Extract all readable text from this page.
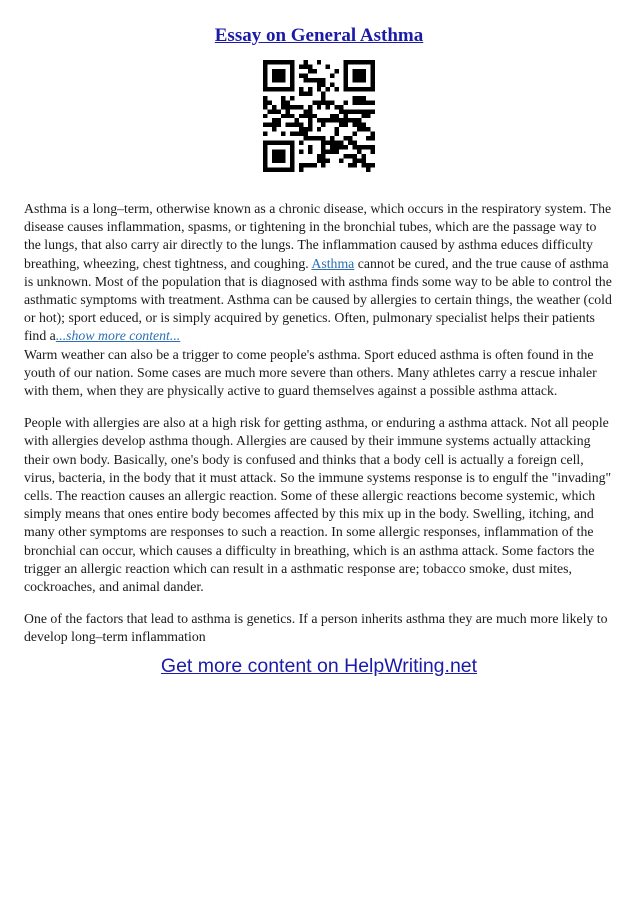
Essay on General Asthma

Asthma is a long–term, otherwise known as a chronic disease, which occurs in the respiratory system. The disease causes inflammation, spasms, or tightening in the bronchial tubes, which are the passage way to the lungs, that also carry air directly to the lungs. The inflammation caused by asthma educes difficulty breathing, wheezing, chest tightness, and coughing. Asthma cannot be cured, and the true cause of asthma is unknown. Most of the population that is diagnosed with asthma finds some way to be able to control the asthmatic symptoms with treatment. Asthma can be caused by allergies to certain things, the weather (cold or hot); sport educed, or is simply acquired by genetics. Often, pulmonary specialist helps their patients find a...show more content...

Warm weather can also be a trigger to come people's asthma. Sport educed asthma is often found in the youth of our nation. Some cases are much more severe than others. Many athletes carry a rescue inhaler with them, when they are physically active to guard themselves against a possible asthma attack.

People with allergies are also at a high risk for getting asthma, or enduring a asthma attack. Not all people with allergies develop asthma though. Allergies are caused by their immune systems actually attacking their own body. Basically, one's body is confused and thinks that a body cell is actually a foreign cell, virus, bacteria, in the body that it must attack. So the immune systems response is to engulf the "invading" cells. The reaction causes an allergic reaction. Some of these allergic reactions become systemic, which simply means that ones entire body becomes affected by this mix up in the body. Swelling, itching, and many other symptoms are responses to such a reaction. In some allergic responses, inflammation of the bronchial can occur, which causes a difficulty in breathing, which is an asthma attack. Some factors the trigger an allergic reaction which can result in a asthmatic response are; tobacco smoke, dust mites, cockroaches, and animal dander.

One of the factors that lead to asthma is genetics. If a person inherits asthma they are much more likely to develop long–term inflammation

Get more content on HelpWriting.net
